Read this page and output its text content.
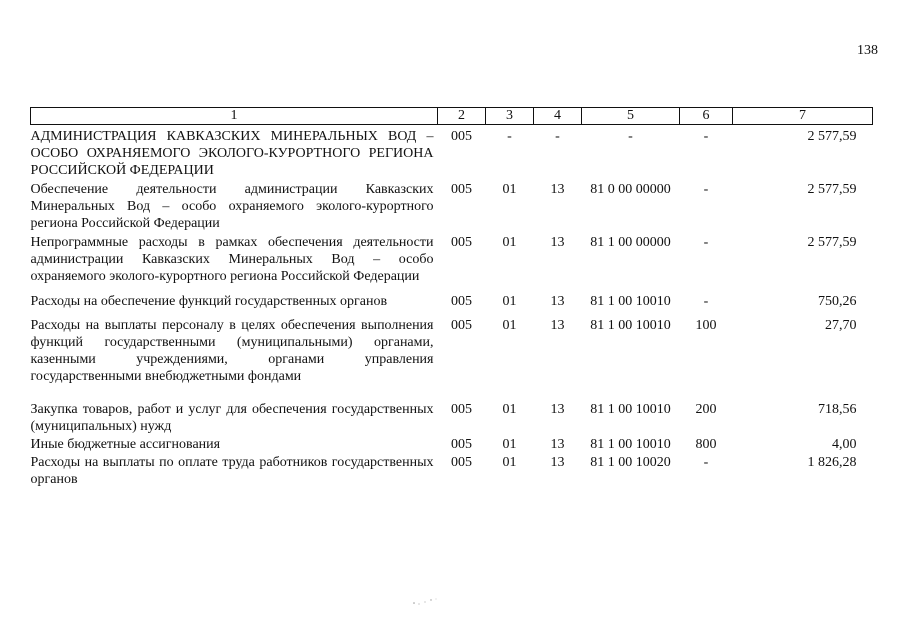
138
1	2	3	4	5	6	7
АДМИНИСТРАЦИЯ КАВКАЗСКИХ МИНЕРАЛЬНЫХ ВОД – ОСОБО ОХРАНЯЕМОГО ЭКОЛОГО-КУРОРТНОГО РЕГИОНА РОССИЙСКОЙ ФЕДЕРАЦИИ	005	-	-	-	-	2 577,59
Обеспечение деятельности администрации Кавказских Минеральных Вод – особо охраняемого эколого-курортного региона Российской Федерации	005	01	13	81 0 00 00000	-	2 577,59
Непрограммные расходы в рамках обеспечения деятельности администрации Кавказских Минеральных Вод – особо охраняемого эколого-курортного региона Российской Федерации	005	01	13	81 1 00 00000	-	2 577,59
Расходы на обеспечение функций государственных органов	005	01	13	81 1 00 10010	-	750,26
Расходы на выплаты персоналу в целях обеспечения выполнения функций государственными (муниципальными) органами, казенными учреждениями, органами управления государственными внебюджетными фондами	005	01	13	81 1 00 10010	100	27,70

Закупка товаров, работ и услуг для обеспечения государственных (муниципальных) нужд	005	01	13	81 1 00 10010	200	718,56
Иные бюджетные ассигнования	005	01	13	81 1 00 10010	800	4,00
Расходы на выплаты по оплате труда работников государственных органов	005	01	13	81 1 00 10020	-	1 826,28
